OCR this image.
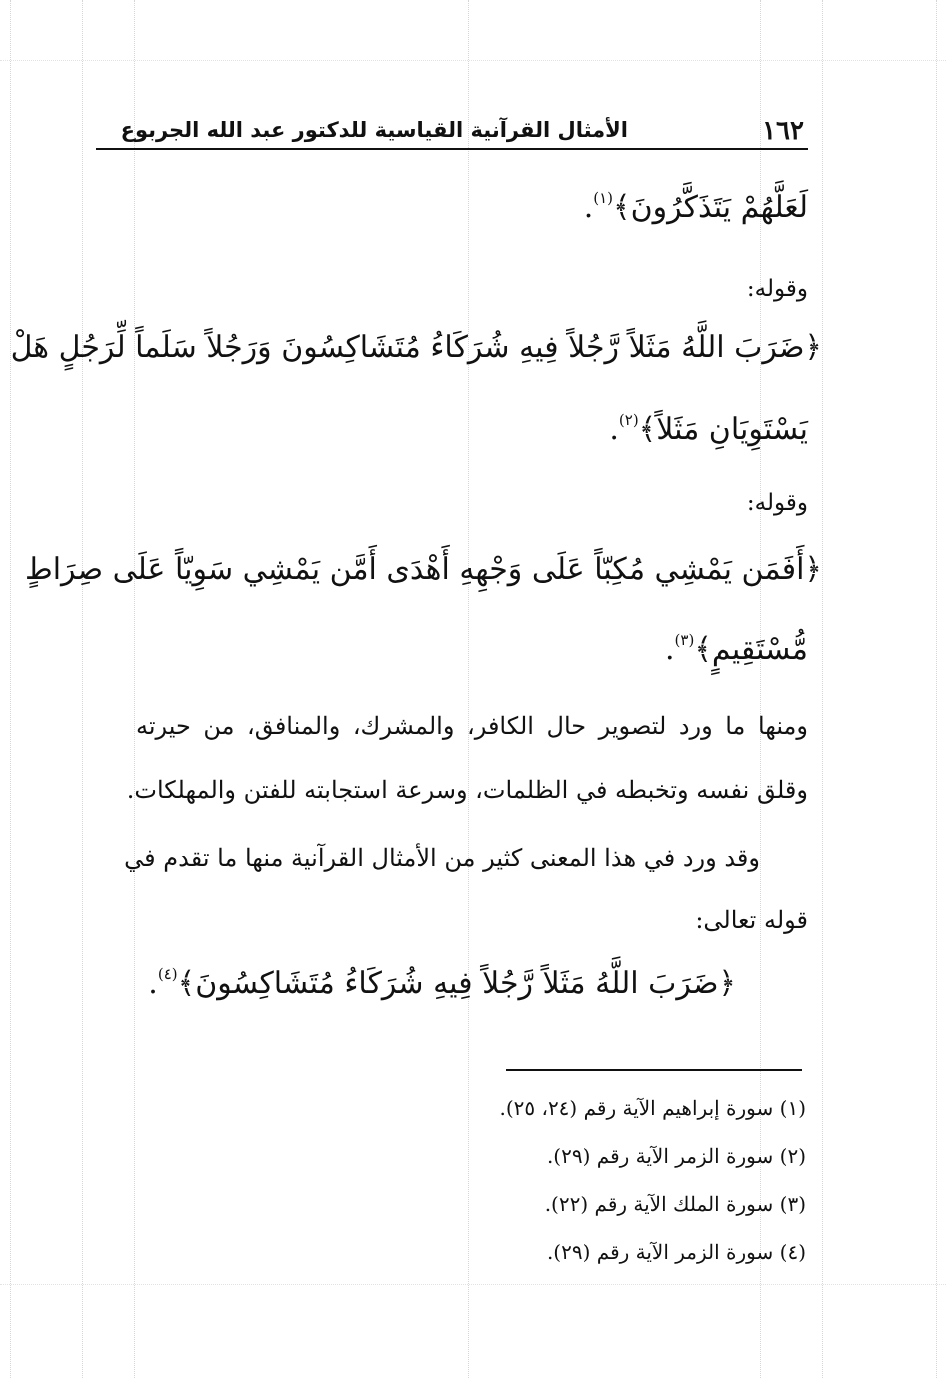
١٦٢
الأمثال القرآنية القياسية للدكتور عبد الله الجربوع
لَعَلَّهُمْ يَتَذَكَّرُونَ﴾$^{(١)}$.
وقوله:
﴿ضَرَبَ اللَّهُ مَثَلاً رَّجُلاً فِيهِ شُرَكَاءُ مُتَشَاكِسُونَ وَرَجُلاً سَلَماً لِّرَجُلٍ هَلْ
يَسْتَوِيَانِ مَثَلاً﴾$^{(٢)}$.
وقوله:
﴿أَفَمَن يَمْشِي مُكِبّاً عَلَى وَجْهِهِ أَهْدَى أَمَّن يَمْشِي سَوِيّاً عَلَى صِرَاطٍ
مُّسْتَقِيمٍ﴾$^{(٣)}$.
ومنها ما ورد لتصوير حال الكافر، والمشرك، والمنافق، من حيرته
وقلق نفسه وتخبطه في الظلمات، وسرعة استجابته للفتن والمهلكات.
وقد ورد في هذا المعنى كثير من الأمثال القرآنية منها ما تقدم في
قوله تعالى:
﴿ضَرَبَ اللَّهُ مَثَلاً رَّجُلاً فِيهِ شُرَكَاءُ مُتَشَاكِسُونَ﴾$^{(٤)}$.
(١) سورة إبراهيم الآية رقم (٢٤، ٢٥).
(٢) سورة الزمر الآية رقم (٢٩).
(٣) سورة الملك الآية رقم (٢٢).
(٤) سورة الزمر الآية رقم (٢٩).
